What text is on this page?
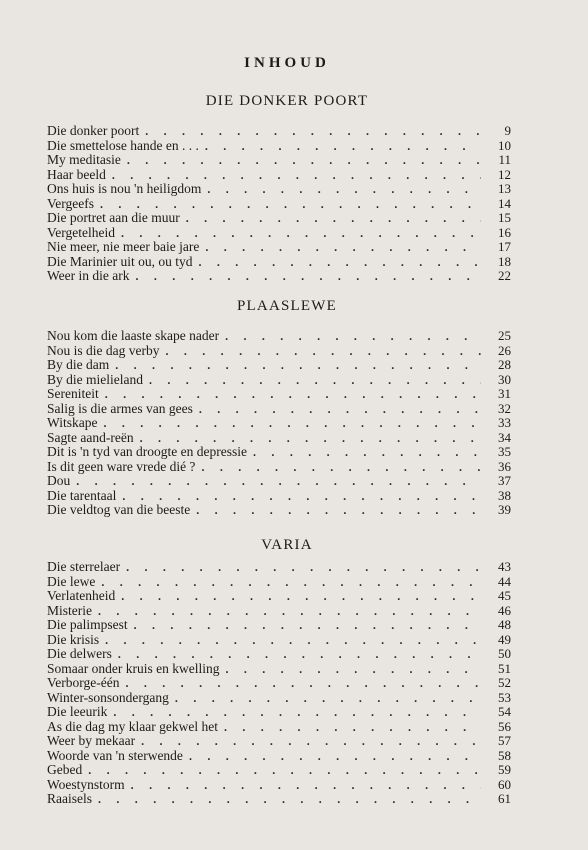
INHOUD
DIE DONKER POORT
Die donker poort . . .	9
Die smettelose hande en . . . . . .	10
My meditasie . . .	11
Haar beeld . . .	12
Ons huis is nou 'n heiligdom . . .	13
Vergeefs . . .	14
Die portret aan die muur . . .	15
Vergetelheid . . .	16
Nie meer, nie meer baie jare . . .	17
Die Marinier uit ou, ou tyd . . .	18
Weer in die ark . . .	22
PLAASLEWE
Nou kom die laaste skape nader . . .	25
Nou is die dag verby . . .	26
By die dam . . .	28
By die mielieland . . .	30
Sereniteit . . .	31
Salig is die armes van gees . . .	32
Witskape . . .	33
Sagte aand-reën . . .	34
Dit is 'n tyd van droogte en depressie . . .	35
Is dit geen ware vrede dié ? . . .	36
Dou . . .	37
Die tarentaal . . .	38
Die veldtog van die beeste . . .	39
VARIA
Die sterrelaer . . .	43
Die lewe . . .	44
Verlatenheid . . .	45
Misterie . . .	46
Die palimpsest . . .	48
Die krisis . . .	49
Die delwers . . .	50
Somaar onder kruis en kwelling . . .	51
Verborge-één . . .	52
Winter-sonsondergang . . .	53
Die leeurik . . .	54
As die dag my klaar gekwel het . . .	56
Weer by mekaar . . .	57
Woorde van 'n sterwende . . .	58
Gebed . . .	59
Woestynstorm . . .	60
Raaisels . . .	61
